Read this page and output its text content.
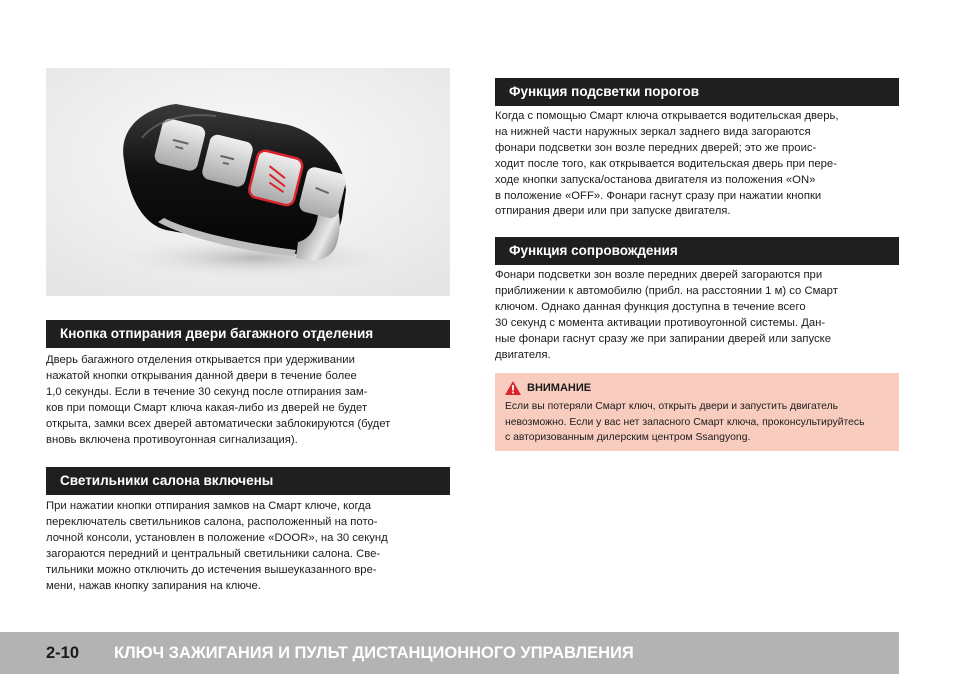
Кнопка отпирания двери багажного отделения
Дверь багажного отделения открывается при удерживании
нажатой кнопки открывания данной двери в течение более
1,0 секунды. Если в течение 30 секунд после отпирания зам-
ков при помощи Смарт ключа какая-либо из дверей не будет
открыта, замки всех дверей автоматически заблокируются (будет
вновь включена противоугонная сигнализация).
Светильники салона включены
При нажатии кнопки отпирания замков на Смарт ключе, когда
переключатель светильников салона, расположенный на пото-
лочной консоли, установлен в положение «DOOR», на 30 секунд
загораются передний и центральный светильники салона. Све-
тильники можно отключить до истечения вышеуказанного вре-
мени, нажав кнопку запирания на ключе.
Функция подсветки порогов
Когда с помощью Смарт ключа открывается водительская дверь,
на нижней части наружных зеркал заднего вида загораются
фонари подсветки зон возле передних дверей; это же проис-
ходит после того, как открывается водительская дверь при пере-
ходе кнопки запуска/останова двигателя из положения «ON»
в положение «OFF». Фонари гаснут сразу при нажатии кнопки
отпирания двери или при запуске двигателя.
Функция сопровождения
Фонари подсветки зон возле передних дверей загораются при
приближении к автомобилю (прибл. на расстоянии 1 м) со Смарт
ключом. Однако данная функция доступна в течение всего
30 секунд с момента активации противоугонной системы. Дан-
ные фонари гаснут сразу же при запирании дверей или запуске
двигателя.
ВНИМАНИЕ
Если вы потеряли Смарт ключ, открыть двери и запустить двигатель
невозможно. Если у вас нет запасного Смарт ключа, проконсультируйтесь
с авторизованным дилерским центром Ssangyong.
2-10	КЛЮЧ ЗАЖИГАНИЯ И ПУЛЬТ ДИСТАНЦИОННОГО УПРАВЛЕНИЯ
